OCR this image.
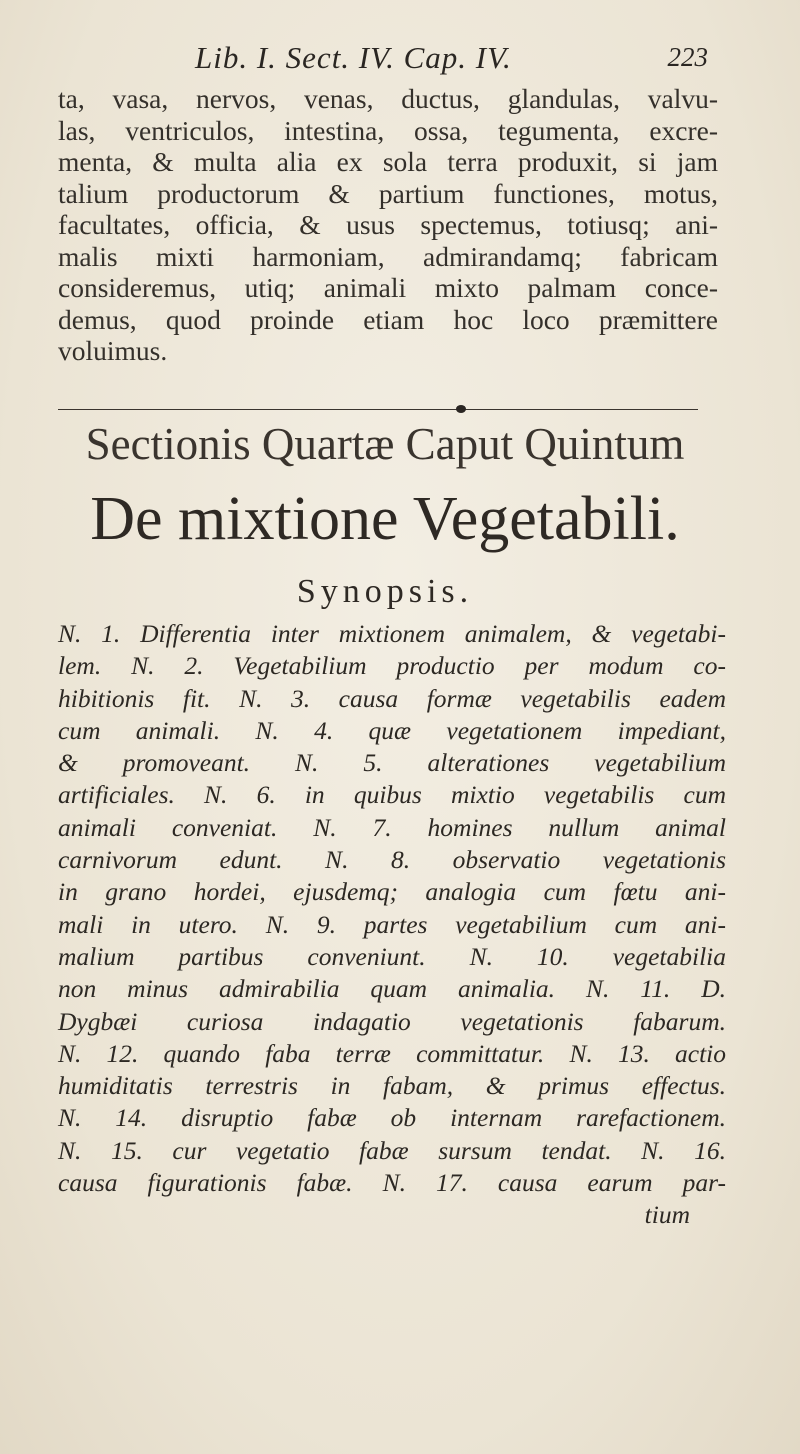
Lib. I. Sect. IV. Cap. IV.	223
ta, vasa, nervos, venas, ductus, glandulas, valvu-
las, ventriculos, intestina, ossa, tegumenta, excre-
menta, & multa alia ex sola terra produxit, si jam
talium productorum & partium functiones, motus,
facultates, officia, & usus spectemus, totiusq; ani-
malis mixti harmoniam, admirandamq; fabricam
consideremus, utiq; animali mixto palmam conce-
demus, quod proinde etiam hoc loco præmittere
voluimus.
Sectionis Quartæ Caput Quintum
De mixtione Vegetabili.
Synopsis.
N. 1. Differentia inter mixtionem animalem, & vegetabi-
lem. N. 2. Vegetabilium productio per modum co-
hibitionis fit. N. 3. causa formæ vegetabilis eadem
cum animali. N. 4. quæ vegetationem impediant,
& promoveant. N. 5. alterationes vegetabilium
artificiales. N. 6. in quibus mixtio vegetabilis cum
animali conveniat. N. 7. homines nullum animal
carnivorum edunt. N. 8. observatio vegetationis
in grano hordei, ejusdemq; analogia cum fœtu ani-
mali in utero. N. 9. partes vegetabilium cum ani-
malium partibus conveniunt. N. 10. vegetabilia
non minus admirabilia quam animalia. N. 11. D.
Dygbæi curiosa indagatio vegetationis fabarum.
N. 12. quando faba terræ committatur. N. 13. actio
humiditatis terrestris in fabam, & primus effectus.
N. 14. disruptio fabæ ob internam rarefactionem.
N. 15. cur vegetatio fabæ sursum tendat. N. 16.
causa figurationis fabæ. N. 17. causa earum par-
tium
